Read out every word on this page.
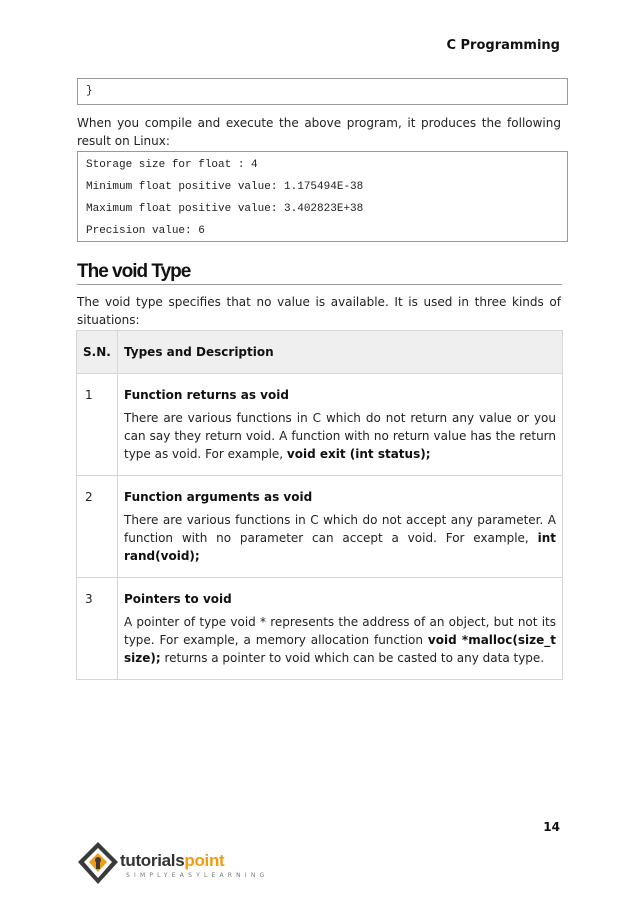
C Programming
}
When you compile and execute the above program, it produces the following result on Linux:
Storage size for float : 4
Minimum float positive value: 1.175494E-38
Maximum float positive value: 3.402823E+38
Precision value: 6
The void Type
The void type specifies that no value is available. It is used in three kinds of situations:
S.N.	Types and Description
1	Function returns as void
There are various functions in C which do not return any value or you can say they return void. A function with no return value has the return type as void. For example, void exit (int status);

2	Function arguments as void
There are various functions in C which do not accept any parameter. A function with no parameter can accept a void. For example, int rand(void);

3	Pointers to void
A pointer of type void * represents the address of an object, but not its type. For example, a memory allocation function void *malloc(size_t size); returns a pointer to void which can be casted to any data type.
14
tutorialspoint
SIMPLYEASYLEARNING
